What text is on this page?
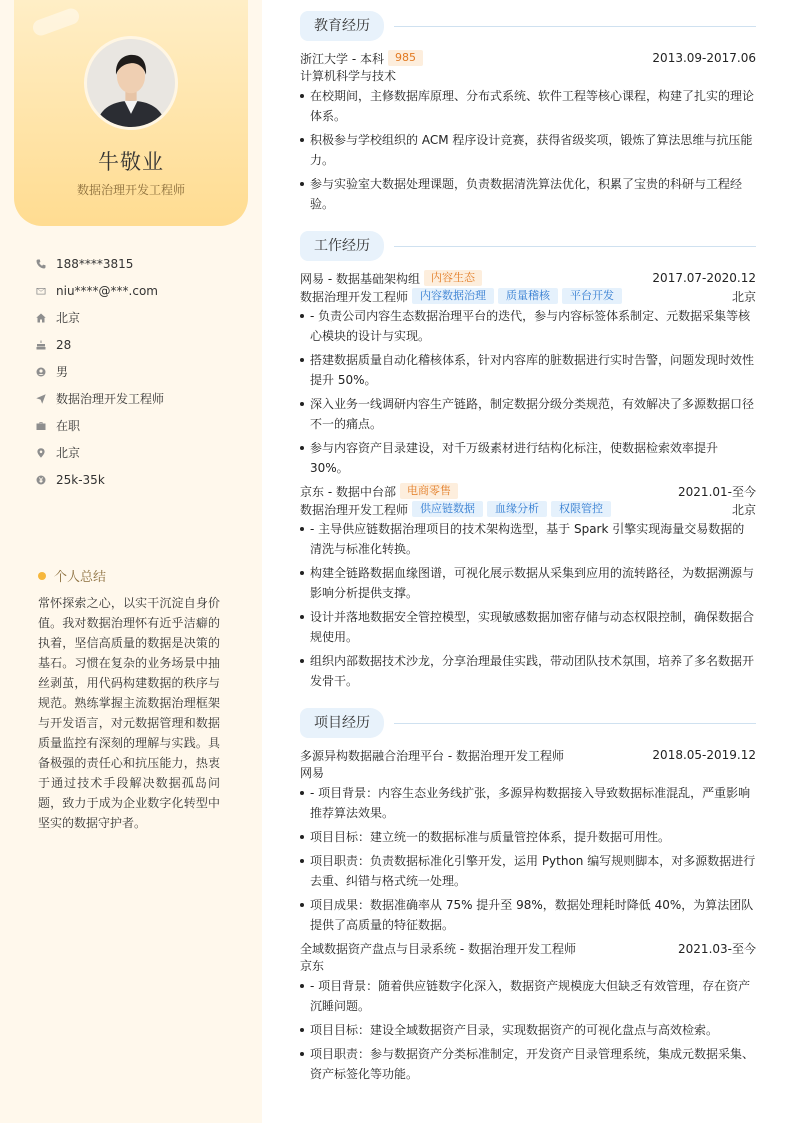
牛敬业
数据治理开发工程师
188****3815
niu****@***.com
北京
28
男
数据治理开发工程师
在职
北京
25k-35k
个人总结
常怀探索之心，以实干沉淀自身价值。我对数据治理怀有近乎洁癖的执着，坚信高质量的数据是决策的基石。习惯在复杂的业务场景中抽丝剥茧，用代码构建数据的秩序与规范。熟练掌握主流数据治理框架与开发语言，对元数据管理和数据质量监控有深刻的理解与实践。具备极强的责任心和抗压能力，热衷于通过技术手段解决数据孤岛问题，致力于成为企业数字化转型中坚实的数据守护者。
教育经历
浙江大学 - 本科	985	2013.09-2017.06
计算机科学与技术
在校期间，主修数据库原理、分布式系统、软件工程等核心课程，构建了扎实的理论体系。
积极参与学校组织的 ACM 程序设计竞赛，获得省级奖项，锻炼了算法思维与抗压能力。
参与实验室大数据处理课题，负责数据清洗算法优化，积累了宝贵的科研与工程经验。
工作经历
网易 - 数据基础架构组	内容生态	2017.07-2020.12
数据治理开发工程师	内容数据治理	质量稽核	平台开发	北京
- 负责公司内容生态数据治理平台的迭代，参与内容标签体系制定、元数据采集等核心模块的设计与实现。
搭建数据质量自动化稽核体系，针对内容库的脏数据进行实时告警，问题发现时效性提升 50%。
深入业务一线调研内容生产链路，制定数据分级分类规范，有效解决了多源数据口径不一的痛点。
参与内容资产目录建设，对千万级素材进行结构化标注，使数据检索效率提升 30%。
京东 - 数据中台部	电商零售	2021.01-至今
数据治理开发工程师	供应链数据	血缘分析	权限管控	北京
- 主导供应链数据治理项目的技术架构选型，基于 Spark 引擎实现海量交易数据的清洗与标准化转换。
构建全链路数据血缘图谱，可视化展示数据从采集到应用的流转路径，为数据溯源与影响分析提供支撑。
设计并落地数据安全管控模型，实现敏感数据加密存储与动态权限控制，确保数据合规使用。
组织内部数据技术沙龙，分享治理最佳实践，带动团队技术氛围，培养了多名数据开发骨干。
项目经历
多源异构数据融合治理平台 - 数据治理开发工程师	2018.05-2019.12
网易
- 项目背景：内容生态业务线扩张，多源异构数据接入导致数据标准混乱，严重影响推荐算法效果。
项目目标：建立统一的数据标准与质量管控体系，提升数据可用性。
项目职责：负责数据标准化引擎开发，运用 Python 编写规则脚本，对多源数据进行去重、纠错与格式统一处理。
项目成果：数据准确率从 75% 提升至 98%，数据处理耗时降低 40%，为算法团队提供了高质量的特征数据。
全域数据资产盘点与目录系统 - 数据治理开发工程师	2021.03-至今
京东
- 项目背景：随着供应链数字化深入，数据资产规模庞大但缺乏有效管理，存在资产沉睡问题。
项目目标：建设全域数据资产目录，实现数据资产的可视化盘点与高效检索。
项目职责：参与数据资产分类标准制定，开发资产目录管理系统，集成元数据采集、资产标签化等功能。
